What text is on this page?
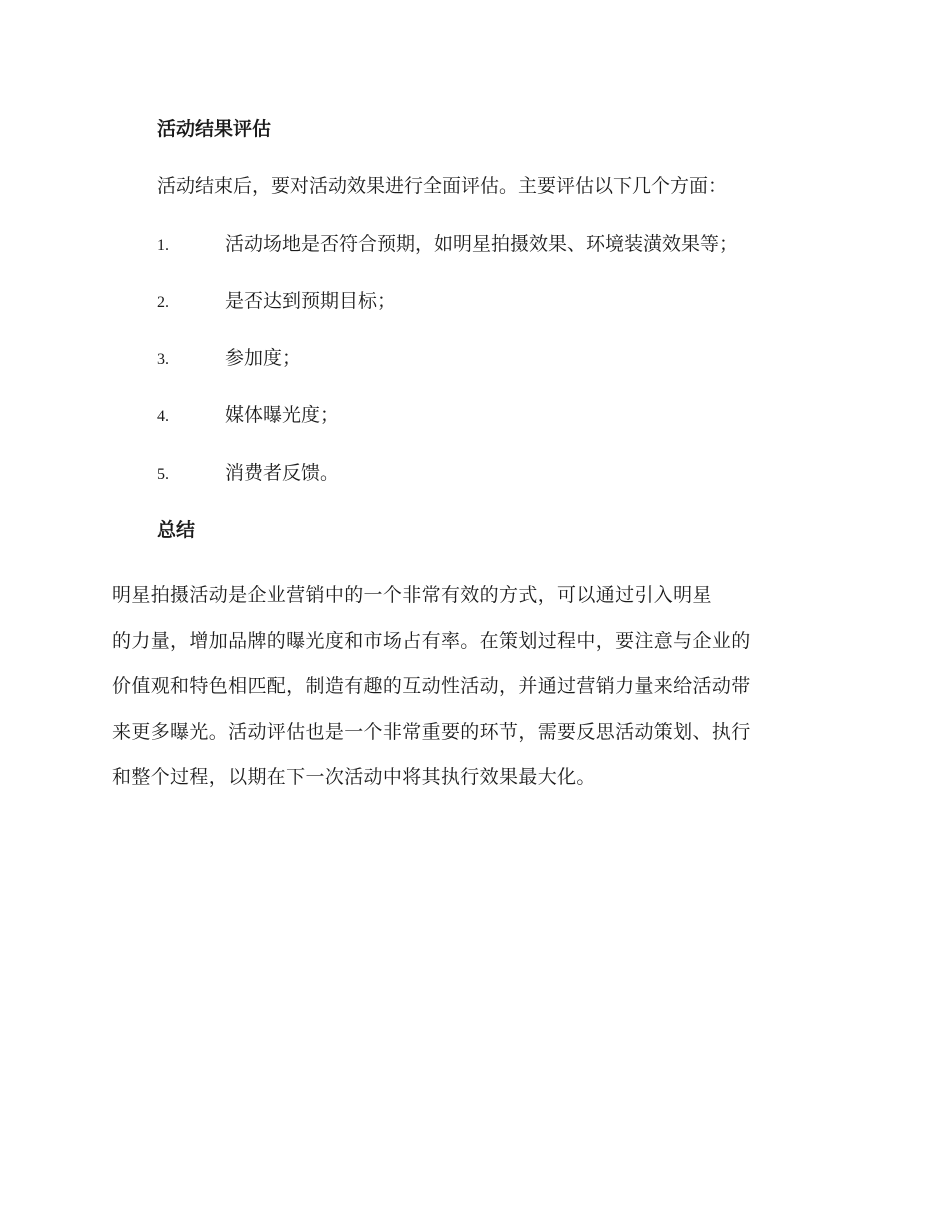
活动结果评估

活动结束后，要对活动效果进行全面评估。主要评估以下几个方面：

1.	活动场地是否符合预期，如明星拍摄效果、环境装潢效果等；
2.	是否达到预期目标；
3.	参加度；
4.	媒体曝光度；
5.	消费者反馈。
总结
明星拍摄活动是企业营销中的一个非常有效的方式，可以通过引入明星
的力量，增加品牌的曝光度和市场占有率。在策划过程中，要注意与企业的
价值观和特色相匹配，制造有趣的互动性活动，并通过营销力量来给活动带
来更多曝光。活动评估也是一个非常重要的环节，需要反思活动策划、执行
和整个过程，以期在下一次活动中将其执行效果最大化。
